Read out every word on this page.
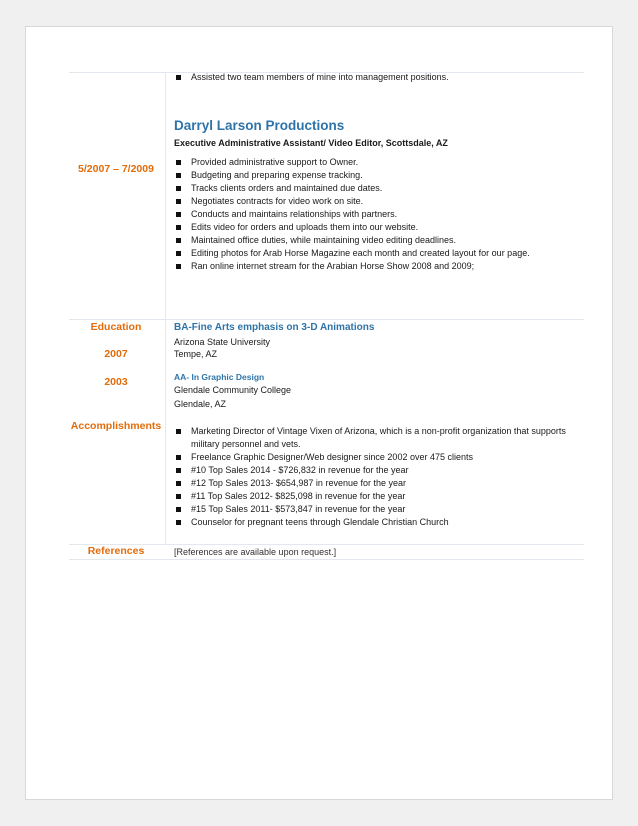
Assisted two team members of mine into management positions.
5/2007 – 7/2009
Darryl Larson Productions
Executive Administrative Assistant/ Video Editor, Scottsdale, AZ
Provided administrative support to Owner.
Budgeting and preparing expense tracking.
Tracks clients orders and maintained due dates.
Negotiates contracts for video work on site.
Conducts and maintains relationships with partners.
Edits video for orders and uploads them into our website.
Maintained office duties, while maintaining video editing deadlines.
Editing photos for Arab Horse Magazine each month and created layout for our page.
Ran online internet stream for the Arabian Horse Show 2008 and 2009;
Education
2007
2003
BA-Fine Arts emphasis on 3-D Animations
Arizona State University
Tempe, AZ
AA- In Graphic Design
Glendale Community College
Glendale, AZ
Accomplishments	Marketing Director of Vintage Vixen of Arizona, which is a non-profit organization that supports military personnel and vets.
Freelance Graphic Designer/Web designer since 2002 over 475 clients
#10 Top Sales 2014 - $726,832 in revenue for the year
#12 Top Sales 2013- $654,987 in revenue for the year
#11 Top Sales 2012- $825,098 in revenue for the year
#15 Top Sales 2011- $573,847 in revenue for the year
Counselor for pregnant teens through Glendale Christian Church
References	[References are available upon request.]
